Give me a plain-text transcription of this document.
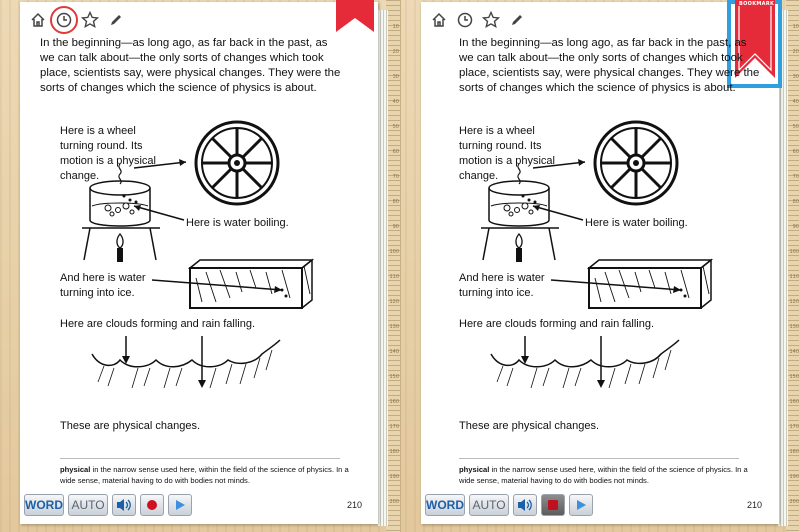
10
20
30
40
50
60
70
80
90
100
110
120
130
140
150
160
170
180
190
200
In the beginning—as long ago, as far back in the past, as we can talk about—the only sorts of changes which took place, scientists say, were physical changes. They were the sorts of changes which the science of physics is about.
Here is a wheel turning round. Its motion is a physical change.
Here is water boiling.
And here is water turning into ice.
Here are clouds forming and rain falling.
These are physical changes.
physical in the narrow sense used here, within the field of the science of physics. In a wide sense, material having to do with bodies not minds.
210
WORD AUTO
10
20
30
40
50
60
70
80
90
100
110
120
130
140
150
160
170
180
190
200
BOOKMARK
In the beginning—as long ago, as far back in the past, as we can talk about—the only sorts of changes which took place, scientists say, were physical changes. They were the sorts of changes which the science of physics is about.
Here is a wheel turning round. Its motion is a physical change.
Here is water boiling.
And here is water turning into ice.
Here are clouds forming and rain falling.
These are physical changes.
physical in the narrow sense used here, within the field of the science of physics. In a wide sense, material having to do with bodies not minds.
210
WORD AUTO
